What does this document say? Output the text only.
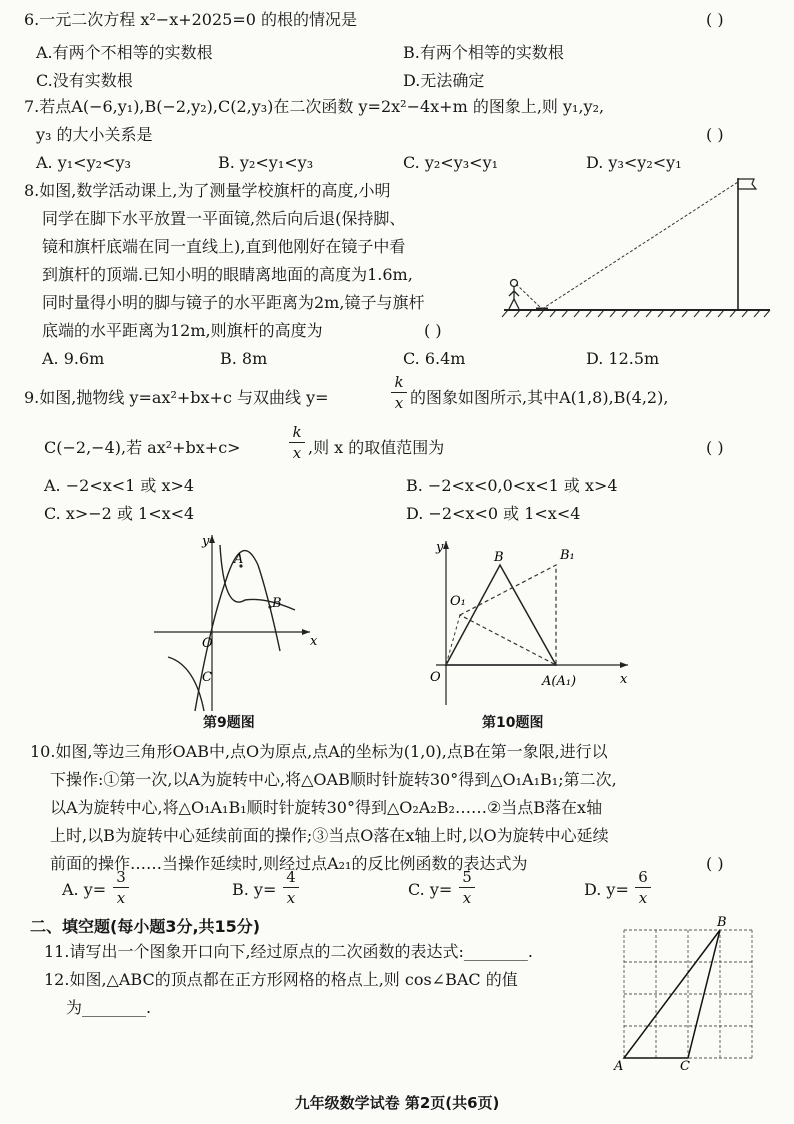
6.一元二次方程 x²−x+2025=0 的根的情况是	( )
A.有两个不相等的实数根	B.有两个相等的实数根
C.没有实数根	D.无法确定
7.若点A(−6,y₁),B(−2,y₂),C(2,y₃)在二次函数 y=2x²−4x+m 的图象上,则 y₁,y₂,
y₃ 的大小关系是	( )
A. y₁<y₂<y₃	B. y₂<y₁<y₃	C. y₂<y₃<y₁	D. y₃<y₂<y₁
8.如图,数学活动课上,为了测量学校旗杆的高度,小明
同学在脚下水平放置一平面镜,然后向后退(保持脚、
镜和旗杆底端在同一直线上),直到他刚好在镜子中看
到旗杆的顶端.已知小明的眼睛离地面的高度为1.6m,
同时量得小明的脚与镜子的水平距离为2m,镜子与旗杆
底端的水平距离为12m,则旗杆的高度为	( )
A. 9.6m	B. 8m	C. 6.4m	D. 12.5m
9.如图,抛物线 y=ax²+bx+c 与双曲线 y=
k
x 的图象如图所示,其中A(1,8),B(4,2),
C(−2,−4),若 ax²+bx+c>
k
x ,则 x 的取值范围为	( )
A. −2<x<1 或 x>4	B. −2<x<0,0<x<1 或 x>4
C. x>−2 或 1<x<4	D. −2<x<0 或 1<x<4
y
x
O
A
B
C
第9题图
y
x
O
O₁
B	B₁
A(A₁)
第10题图
10.如图,等边三角形OAB中,点O为原点,点A的坐标为(1,0),点B在第一象限,进行以
下操作:①第一次,以A为旋转中心,将△OAB顺时针旋转30°得到△O₁A₁B₁;第二次,
以A为旋转中心,将△O₁A₁B₁顺时针旋转30°得到△O₂A₂B₂……②当点B落在x轴
上时,以B为旋转中心延续前面的操作;③当点O落在x轴上时,以O为旋转中心延续
前面的操作……当操作延续时,则经过点A₂₁的反比例函数的表达式为	( )
A. y=
3
x	B. y=
4
x	C. y=
5
x	D. y=
6
x
二、填空题(每小题3分,共15分)
11.请写出一个图象开口向下,经过原点的二次函数的表达式:________.
12.如图,△ABC的顶点都在正方形网格的格点上,则 cos∠BAC 的值
为________.
A
B
C
九年级数学试卷 第2页(共6页)
